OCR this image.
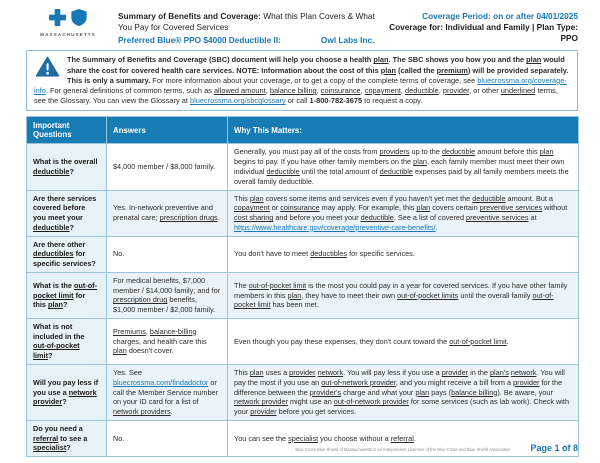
MASSACHUSETTS
Summary of Benefits and Coverage: What this Plan Covers & What You Pay for Covered Services
Preferred Blue® PPO $4000 Deductible II:	Owl Labs Inc.
Coverage Period: on or after 04/01/2025
Coverage for: Individual and Family | Plan Type: PPO
The Summary of Benefits and Coverage (SBC) document will help you choose a health plan. The SBC shows you how you and the plan would share the cost for covered health care services. NOTE: Information about the cost of this plan (called the premium) will be provided separately. This is only a summary. For more information about your coverage, or to get a copy of the complete terms of coverage, see bluecrossma.org/coverage-info. For general definitions of common terms, such as allowed amount, balance billing, coinsurance, copayment, deductible, provider, or other underlined terms, see the Glossary. You can view the Glossary at bluecrossma.org/sbcglossary or call 1-800-782-3675 to request a copy.
Important Questions	Answers	Why This Matters:
What is the overall deductible?	$4,000 member / $8,000 family.	Generally, you must pay all of the costs from providers up to the deductible amount before this plan begins to pay. If you have other family members on the plan, each family member must meet their own individual deductible until the total amount of deductible expenses paid by all family members meets the overall family deductible.
Are there services covered before you meet your deductible?	Yes. In-network preventive and prenatal care; prescription drugs.	This plan covers some items and services even if you haven't yet met the deductible amount. But a copayment or coinsurance may apply. For example, this plan covers certain preventive services without cost sharing and before you meet your deductible. See a list of covered preventive services at https://www.healthcare.gov/coverage/preventive-care-benefits/.
Are there other deductibles for specific services?	No.	You don't have to meet deductibles for specific services.
What is the out-of-pocket limit for this plan?	For medical benefits, $7,000 member / $14,000 family; and for prescription drug benefits, $1,000 member / $2,000 family.	The out-of-pocket limit is the most you could pay in a year for covered services. If you have other family members in this plan, they have to meet their own out-of-pocket limits until the overall family out-of-pocket limit has been met.
What is not included in the out-of-pocket limit?	Premiums, balance-billing charges, and health care this plan doesn't cover.	Even though you pay these expenses, they don't count toward the out-of-pocket limit.
Will you pay less if you use a network provider?	Yes. See bluecrossma.com/findadoctor or call the Member Service number on your ID card for a list of network providers.	This plan uses a provider network. You will pay less if you use a provider in the plan's network. You will pay the most if you use an out-of-network provider, and you might receive a bill from a provider for the difference between the provider's charge and what your plan pays (balance billing). Be aware, your network provider might use an out-of-network provider for some services (such as lab work). Check with your provider before you get services.
Do you need a referral to see a specialist?	No.	You can see the specialist you choose without a referral.
Blue Cross Blue Shield of Massachusetts is an Independent Licensee of the Blue Cross and Blue Shield Association Page 1 of 8
